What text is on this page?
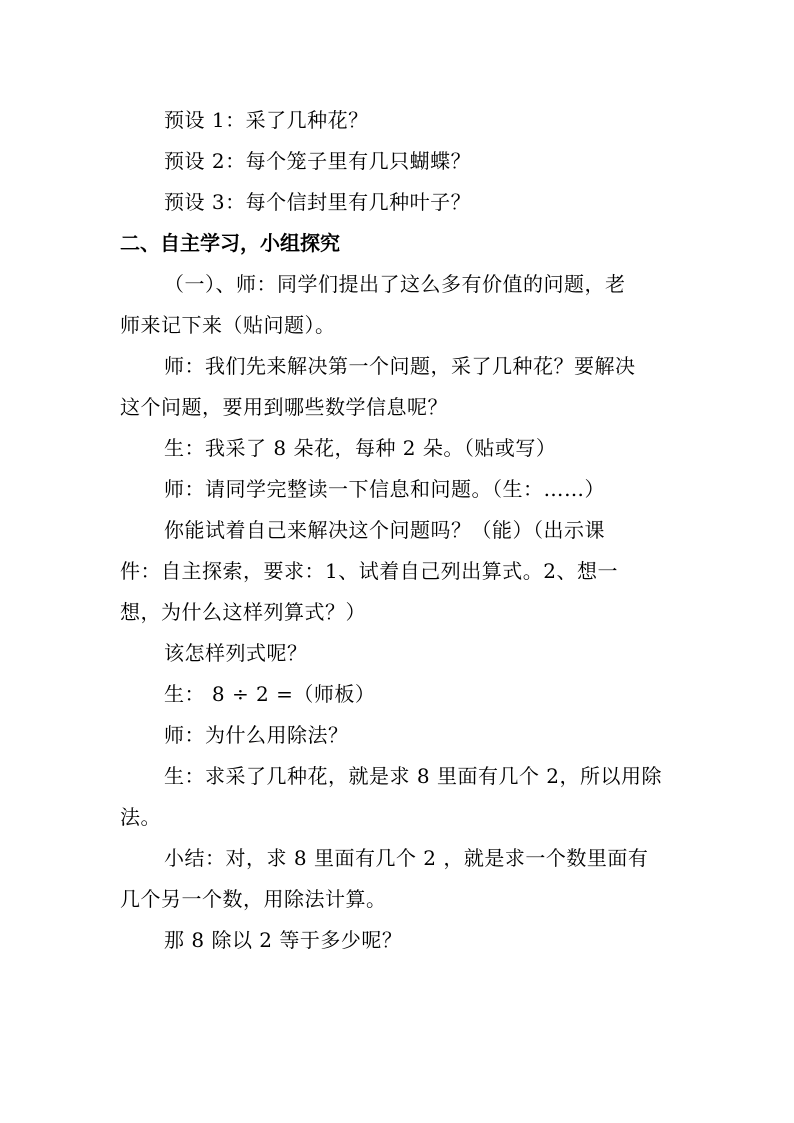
预设 1：采了几种花？
预设 2：每个笼子里有几只蝴蝶？
预设 3：每个信封里有几种叶子？
二、自主学习，小组探究
（一）、师：同学们提出了这么多有价值的问题，老
师来记下来（贴问题）。
师：我们先来解决第一个问题，采了几种花？要解决
这个问题，要用到哪些数学信息呢？
生：我采了 8 朵花，每种 2 朵。（贴或写）
师：请同学完整读一下信息和问题。（生：……）
你能试着自己来解决这个问题吗？（能）（出示课
件：自主探索，要求：1、试着自己列出算式。2、想一
想，为什么这样列算式？）
该怎样列式呢？
生： 8 ÷ 2 =（师板）
师：为什么用除法？
生：求采了几种花，就是求 8 里面有几个 2，所以用除
法。
小结：对，求 8 里面有几个 2 ，就是求一个数里面有
几个另一个数，用除法计算。
那 8 除以 2 等于多少呢？
